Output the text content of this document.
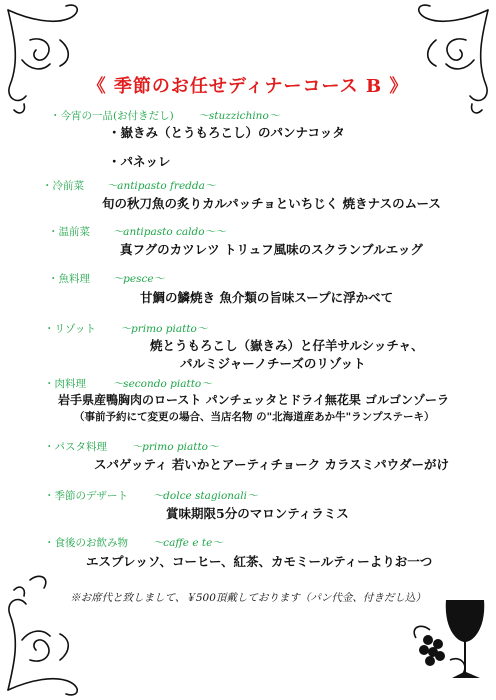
《 季節のお任せディナーコース B 》
・今宵の一品(お付きだし) ～stuzzichino～
・嶽きみ（とうもろこし）のパンナコッタ
・パネッレ
・冷前菜 ～antipasto fredda～
旬の秋刀魚の炙りカルパッチョといちじく 焼きナスのムース
・温前菜 ～antipasto caldo～～
真フグのカツレツ トリュフ風味のスクランブルエッグ
・魚料理 ～pesce～
甘鯛の鱗焼き 魚介類の旨味スープに浮かべて
・リゾット ～primo piatto～
焼とうもろこし（嶽きみ）と仔羊サルシッチャ、
パルミジャーノチーズのリゾット
・肉料理	～secondo piatto～
岩手県産鴨胸肉のロースト パンチェッタとドライ無花果 ゴルゴンゾーラ
（事前予約にて変更の場合、当店名物 の"北海道産あか牛"ランプステーキ）
・パスタ料理 ～primo piatto～
スパゲッティ 若いかとアーティチョーク カラスミパウダーがけ
・季節のデザート ～dolce stagionali～
賞味期限5分のマロンティラミス
・食後のお飲み物 ～caffe e te～
エスプレッソ、コーヒー、紅茶、カモミールティーよりお一つ
※お席代と致しまして、￥500頂戴しております（パン代金、付きだし込）
